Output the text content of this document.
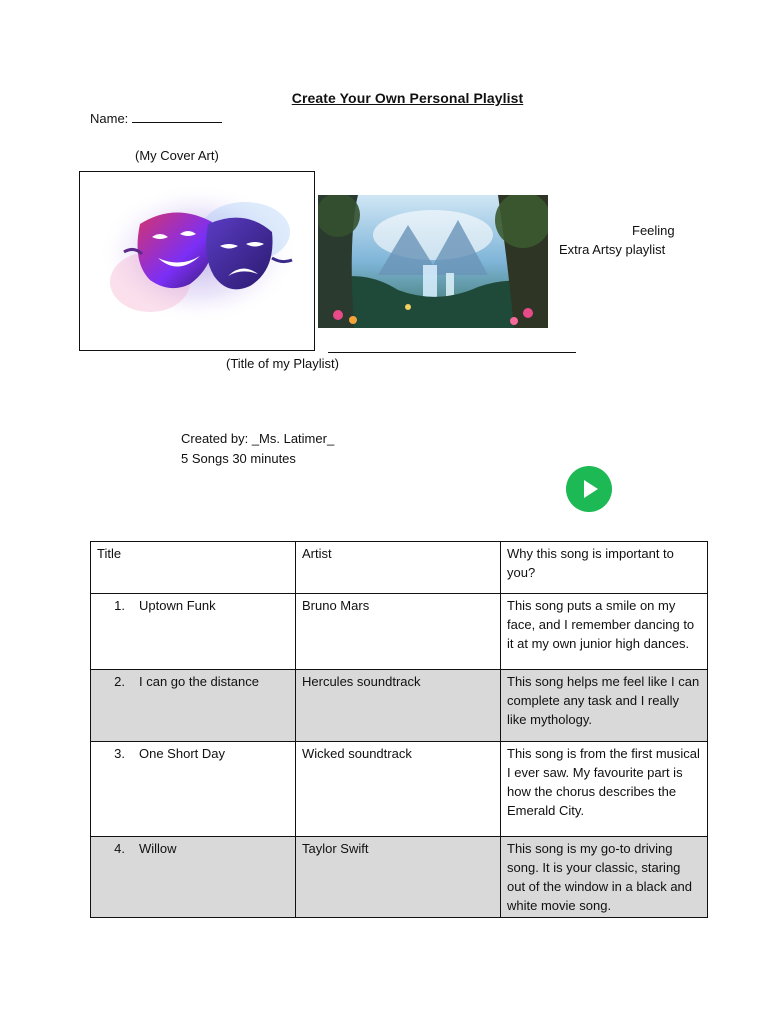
Create Your Own Personal Playlist
Name:
(My Cover Art)
Feeling
Extra Artsy playlist
(Title of my Playlist)
Created by: _Ms. Latimer_
5 Songs 30 minutes
Title	Artist	Why this song is important to you?
1. Uptown Funk	Bruno Mars	This song puts a smile on my face, and I remember dancing to it at my own junior high dances.
2. I can go the distance	Hercules soundtrack	This song helps me feel like I can complete any task and I really like mythology.
3. One Short Day	Wicked soundtrack	This song is from the first musical I ever saw. My favourite part is how the chorus describes the Emerald City.
4. Willow	Taylor Swift	This song is my go-to driving song. It is your classic, staring out of the window in a black and white movie song.
